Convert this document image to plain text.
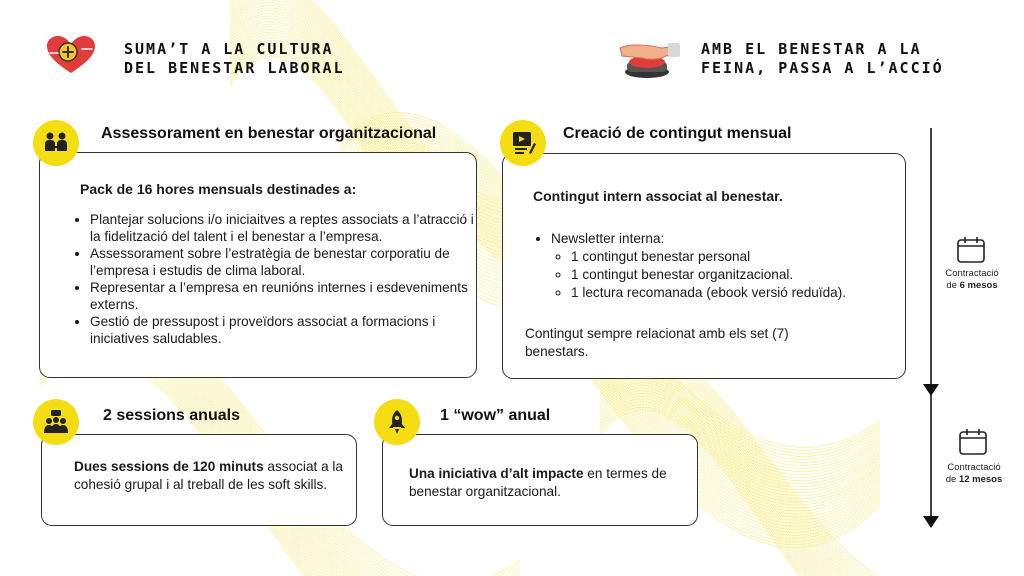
SUMA’T A LA CULTURA
DEL BENESTAR LABORAL
AMB EL BENESTAR A LA
FEINA, PASSA A L’ACCIÓ
Pack de 16 hores mensuals destinades a:
• Plantejar solucions i/o iniciaitves a reptes associats a l’atracció i la fidelització del talent i el benestar a l’empresa.
• Assessorament sobre l’estratègia de benestar corporatiu de l’empresa i estudis de clima laboral.
• Representar a l’empresa en reunións internes i esdeveniments externs.
• Gestió de pressupost i proveïdors associat a formacions i iniciatives saludables.
Assessorament en benestar organitzacional
Contingut intern associat al benestar.
• Newsletter interna:
◦ 1 contingut benestar personal
◦ 1 contingut benestar organitzacional.
◦ 1 lectura recomanada (ebook versió reduïda).
Contingut sempre relacionat amb els set (7) benestars.
Creació de contingut mensual
Dues sessions de 120 minuts associat a la cohesió grupal i al treball de les soft skills.
2 sessions anuals
Una iniciativa d’alt impacte en termes de benestar organitzacional.
1 “wow” anual
Contractació
de 6 mesos
Contractació
de 12 mesos
